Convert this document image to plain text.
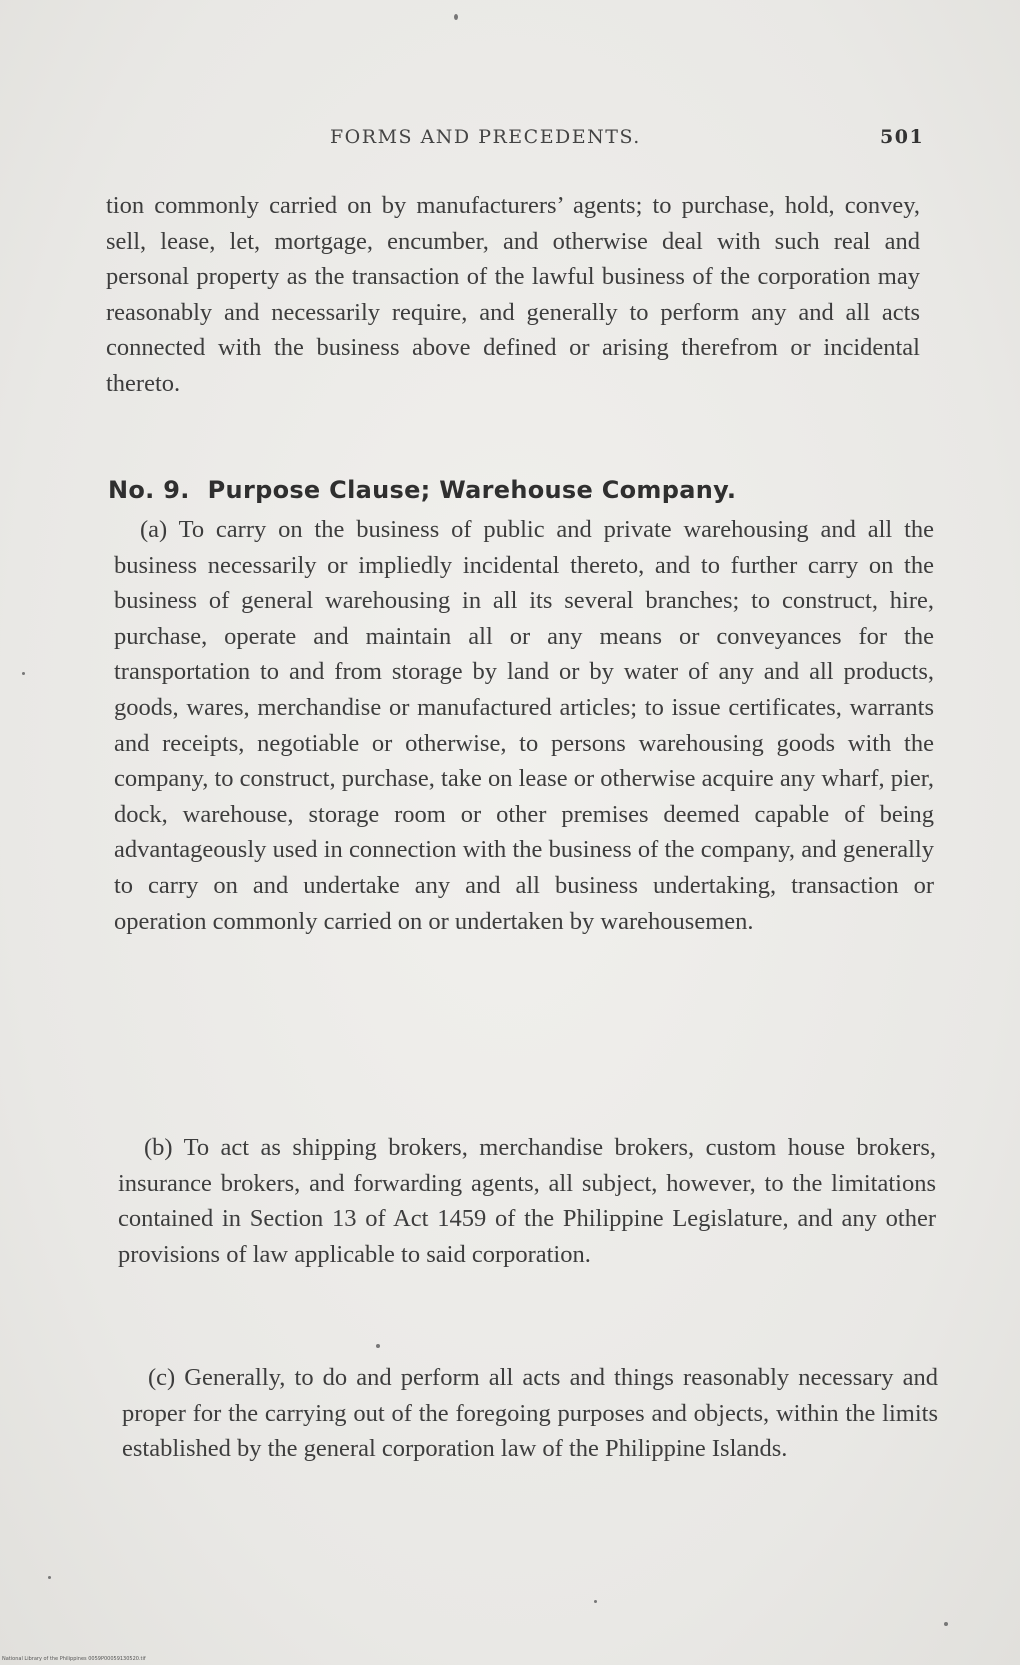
FORMS AND PRECEDENTS.	501

tion commonly carried on by manufacturers’ agents; to purchase, hold, convey, sell, lease, let, mortgage, encumber, and otherwise deal with such real and personal property as the transaction of the lawful business of the corporation may reasonably and necessarily require, and generally to perform any and all acts connected with the business above defined or arising therefrom or incidental thereto.

No. 9. Purpose Clause; Warehouse Company.

(a) To carry on the business of public and private warehousing and all the business necessarily or impliedly incidental thereto, and to further carry on the business of general warehousing in all its several branches; to construct, hire, purchase, operate and maintain all or any means or conveyances for the transportation to and from storage by land or by water of any and all products, goods, wares, merchandise or manufactured articles; to issue certificates, warrants and receipts, negotiable or otherwise, to persons warehousing goods with the company, to construct, purchase, take on lease or otherwise acquire any wharf, pier, dock, warehouse, storage room or other premises deemed capable of being advantageously used in connection with the business of the company, and generally to carry on and undertake any and all business undertaking, transaction or operation commonly carried on or undertaken by warehousemen.

(b) To act as shipping brokers, merchandise brokers, custom house brokers, insurance brokers, and forwarding agents, all subject, however, to the limitations contained in Section 13 of Act 1459 of the Philippine Legislature, and any other provisions of law applicable to said corporation.

(c) Generally, to do and perform all acts and things reasonably necessary and proper for the carrying out of the foregoing purposes and objects, within the limits established by the general corporation law of the Philippine Islands.

National Library of the Philippines 0059P00059130520.tif
